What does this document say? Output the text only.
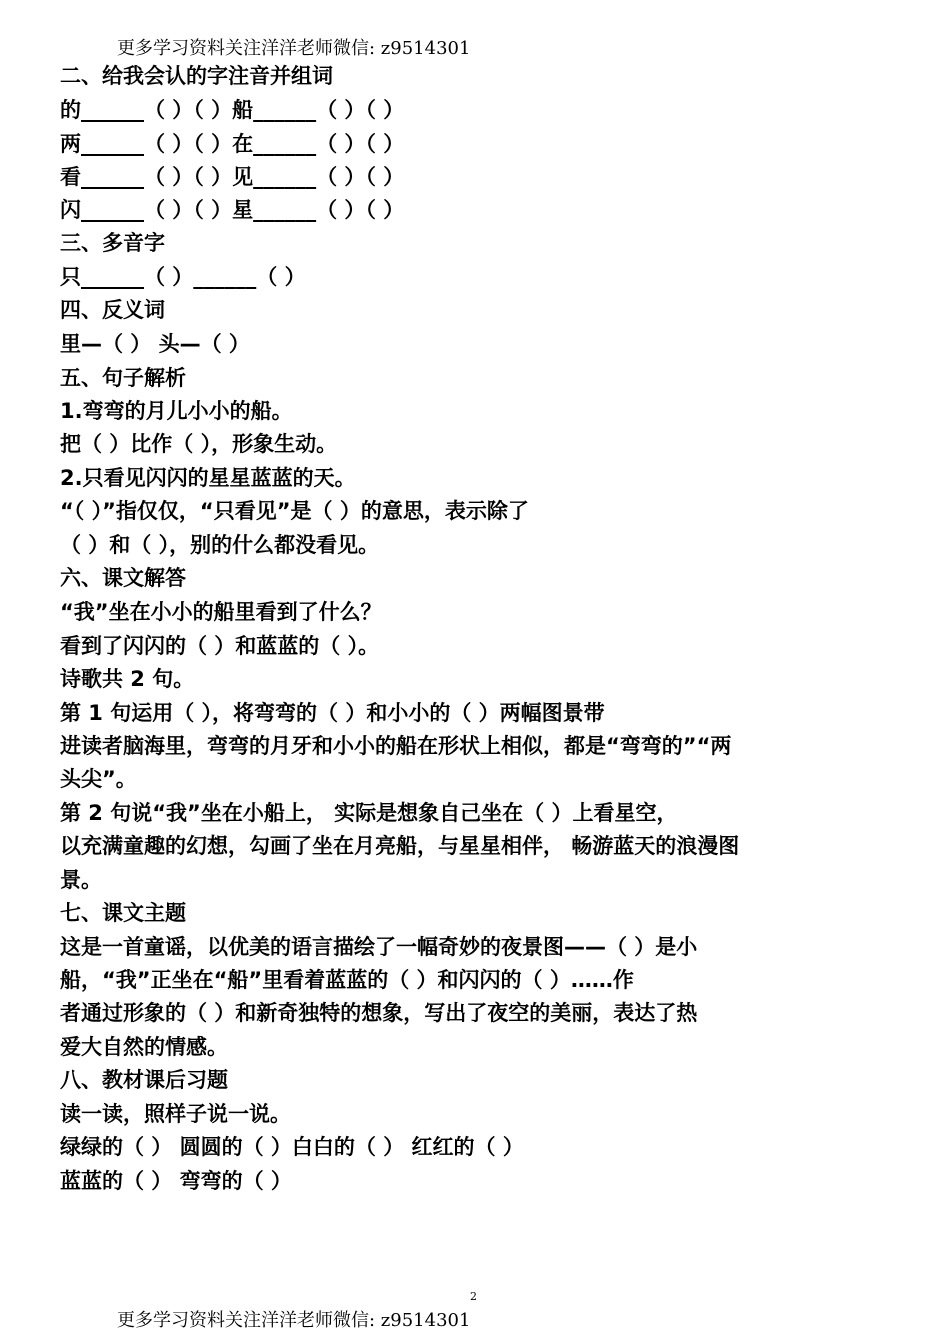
更多学习资料关注洋洋老师微信: z9514301
二、给我会认的字注音并组词
的______（ ）（ ）船______（ ）（ ）
两______（ ）（ ）在______（ ）（ ）
看______（ ）（ ）见______（ ）（ ）
闪______（ ）（ ）星______（ ）（ ）
三、多音字
只______（ ）______（ ）
四、反义词
里—（ ） 头—（ ）
五、句子解析
1.弯弯的月儿小小的船。
把（ ）比作（ ），形象生动。
2.只看见闪闪的星星蓝蓝的天。
“（ ）”指仅仅，“只看见”是（ ）的意思，表示除了
（ ）和（ ），别的什么都没看见。
六、课文解答
“我”坐在小小的船里看到了什么？
看到了闪闪的（ ）和蓝蓝的（ ）。
诗歌共 2 句。
第 1 句运用（ ），将弯弯的（ ）和小小的（ ）两幅图景带
进读者脑海里，弯弯的月牙和小小的船在形状上相似，都是“弯弯的”“两
头尖”。
第 2 句说“我”坐在小船上， 实际是想象自己坐在（ ）上看星空，
以充满童趣的幻想，勾画了坐在月亮船，与星星相伴， 畅游蓝天的浪漫图
景。
七、课文主题
这是一首童谣，以优美的语言描绘了一幅奇妙的夜景图——（ ）是小
船，“我”正坐在“船”里看着蓝蓝的（ ）和闪闪的（ ）……作
者通过形象的（ ）和新奇独特的想象，写出了夜空的美丽，表达了热
爱大自然的情感。
八、教材课后习题
读一读，照样子说一说。
绿绿的（ ） 圆圆的（ ）白白的（ ） 红红的（ ）
蓝蓝的（ ） 弯弯的（ ）
2
更多学习资料关注洋洋老师微信: z9514301
